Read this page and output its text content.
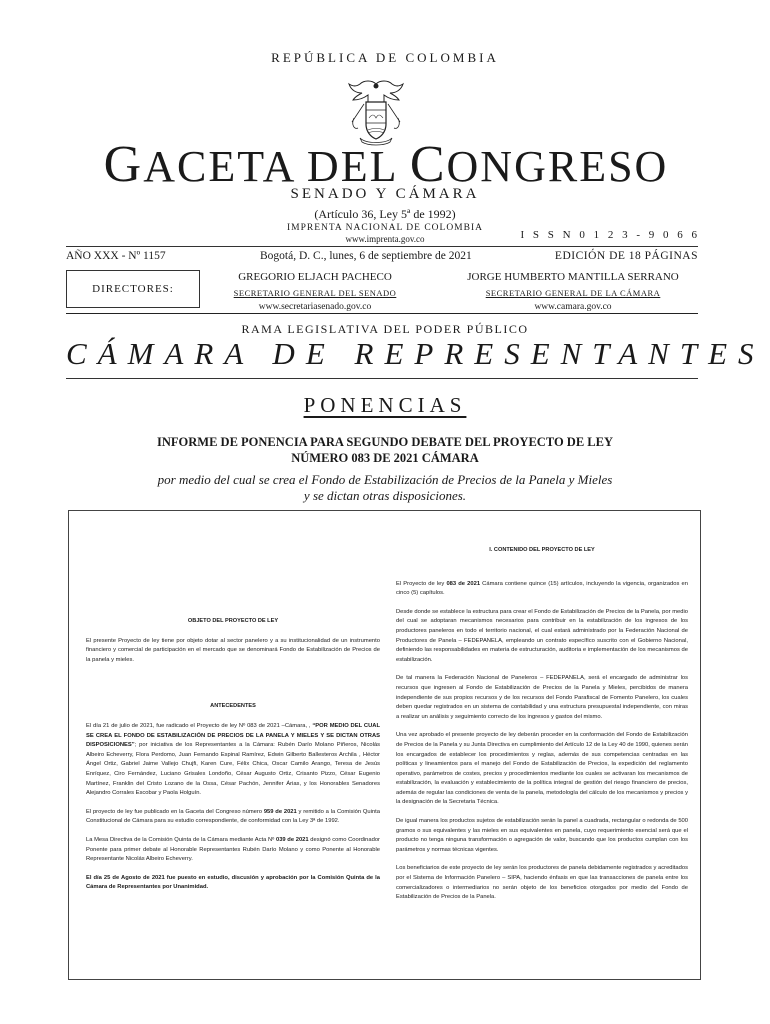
REPÚBLICA DE COLOMBIA
GACETA DEL CONGRESO
SENADO Y CÁMARA
(Artículo 36, Ley 5ª de 1992)
IMPRENTA NACIONAL DE COLOMBIA
www.imprenta.gov.co	I S S N 0 1 2 3 - 9 0 6 6
AÑO XXX - Nº 1157	Bogotá, D. C., lunes, 6 de septiembre de 2021	EDICIÓN DE 18 PÁGINAS
DIRECTORES:
GREGORIO ELJACH PACHECO
SECRETARIO GENERAL DEL SENADO
www.secretariasenado.gov.co
JORGE HUMBERTO MANTILLA SERRANO
SECRETARIO GENERAL DE LA CÁMARA
www.camara.gov.co
RAMA LEGISLATIVA DEL PODER PÚBLICO
CÁMARA DE REPRESENTANTES
PONENCIAS
INFORME DE PONENCIA PARA SEGUNDO DEBATE DEL PROYECTO DE LEY
NÚMERO 083 DE 2021 CÁMARA
por medio del cual se crea el Fondo de Estabilización de Precios de la Panela y Mieles
y se dictan otras disposiciones.
OBJETO DEL PROYECTO DE LEY
El presente Proyecto de ley tiene por objeto dotar al sector panelero y a su institucionalidad de un instrumento financiero y comercial de participación en el mercado que se denominará Fondo de Estabilización de Precios de la panela y mieles.
ANTECEDENTES
El día 21 de julio de 2021, fue radicado el Proyecto de ley Nº 083 de 2021 –Cámara, , “POR MEDIO DEL CUAL SE CREA EL FONDO DE ESTABILIZACIÓN DE PRECIOS DE LA PANELA Y MIELES Y SE DICTAN OTRAS DISPOSICIONES”; por iniciativa de los Representantes a la Cámara: Rubén Darío Molano Piñeros, Nicolás Albeiro Echeverry, Flora Perdomo, Juan Fernando Espinal Ramírez, Edwin Gilberto Ballesteros Archila , Héctor Ángel Ortiz, Gabriel Jaime Vallejo Chujfi, Karen Cure, Félix Chica, Oscar Camilo Arango, Teresa de Jesús Enríquez, Ciro Fernández, Luciano Grisales Londoño, César Augusto Ortiz, Crisanto Pizzo, César Eugenio Martínez, Franklin del Cristo Lozano de la Ossa, César Pachón, Jennifer Árias, y los Honorables Senadores Alejandro Corrales Escobar y Paola Holguín.
El proyecto de ley fue publicado en la Gaceta del Congreso número 959 de 2021 y remitido a la Comisión Quinta Constitucional de Cámara para su estudio correspondiente, de conformidad con la Ley 3ª de 1992.
La Mesa Directiva de la Comisión Quinta de la Cámara mediante Acta Nº 039 de 2021 designó como Coordinador Ponente para primer debate al Honorable Representantes Rubén Darío Molano y como Ponente al Honorable Representante Nicolás Albeiro Echeverry.
El día 25 de Agosto de 2021 fue puesto en estudio, discusión y aprobación por la Comisión Quinta de la Cámara de Representantes por Unanimidad.
I. CONTENIDO DEL PROYECTO DE LEY
El Proyecto de ley 083 de 2021 Cámara contiene quince (15) artículos, incluyendo la vigencia, organizados en cinco (5) capítulos.
Desde donde se establece la estructura para crear el Fondo de Estabilización de Precios de la Panela, por medio del cual se adoptaran mecanismos necesarios para contribuir en la estabilización de los ingresos de los productores paneleros en todo el territorio nacional, el cual estará administrado por la Federación Nacional de Productores de Panela – FEDEPANELA, empleando un contrato específico suscrito con el Gobierno Nacional, definiendo las responsabilidades en materia de estructuración, auditoria e implementación de los mecanismos de estabilización.
De tal manera la Federación Nacional de Paneleros – FEDEPANELA, será el encargado de administrar los recursos que ingresen al Fondo de Estabilización de Precios de la Panela y Mieles, percibidos de manera independiente de sus propios recursos y de los recursos del Fondo Parafiscal de Fomento Panelero, los cuales deben quedar registrados en un sistema de contabilidad y una estructura presupuestal independiente, con miras a realizar un análisis y seguimiento correcto de los ingresos y gastos del mismo.
Una vez aprobado el presente proyecto de ley deberán proceder en la conformación del Fondo de Estabilización de Precios de la Panela y su Junta Directiva en cumplimiento del Artículo 12 de la Ley 40 de 1990, quienes serán los encargados de establecer los procedimientos y reglas, además de sus competencias centradas en las políticas y lineamientos para el manejo del Fondo de Estabilización de Precios, la expedición del reglamento operativo, parámetros de costes, precios y procedimientos mediante los cuales se activaran los mecanismos de estabilización, la evaluación y establecimiento de la política integral de gestión del riesgo financiero de precios, además de regular las condiciones de venta de la panela, metodología del cálculo de los mecanismos y precios y la designación de la Secretaria Técnica.
De igual manera los productos sujetos de estabilización serán la panel a cuadrada, rectangular o redonda de 500 gramos o sus equivalentes y las mieles en sus equivalentes en panela, cuyo requerimiento esencial será que el producto no tenga ninguna transformación o agregación de valor, buscando que los productos cumplan con los parámetros y normas técnicas vigentes.
Los beneficiarios de este proyecto de ley serán los productores de panela debidamente registrados y acreditados por el Sistema de Información Panelero – SIPA, haciendo énfasis en que las transacciones de panela entre los comercializadores o intermediarios no serán objeto de los beneficios otorgados por medio del Fondo de Estabilización de Precios de la Panela.
